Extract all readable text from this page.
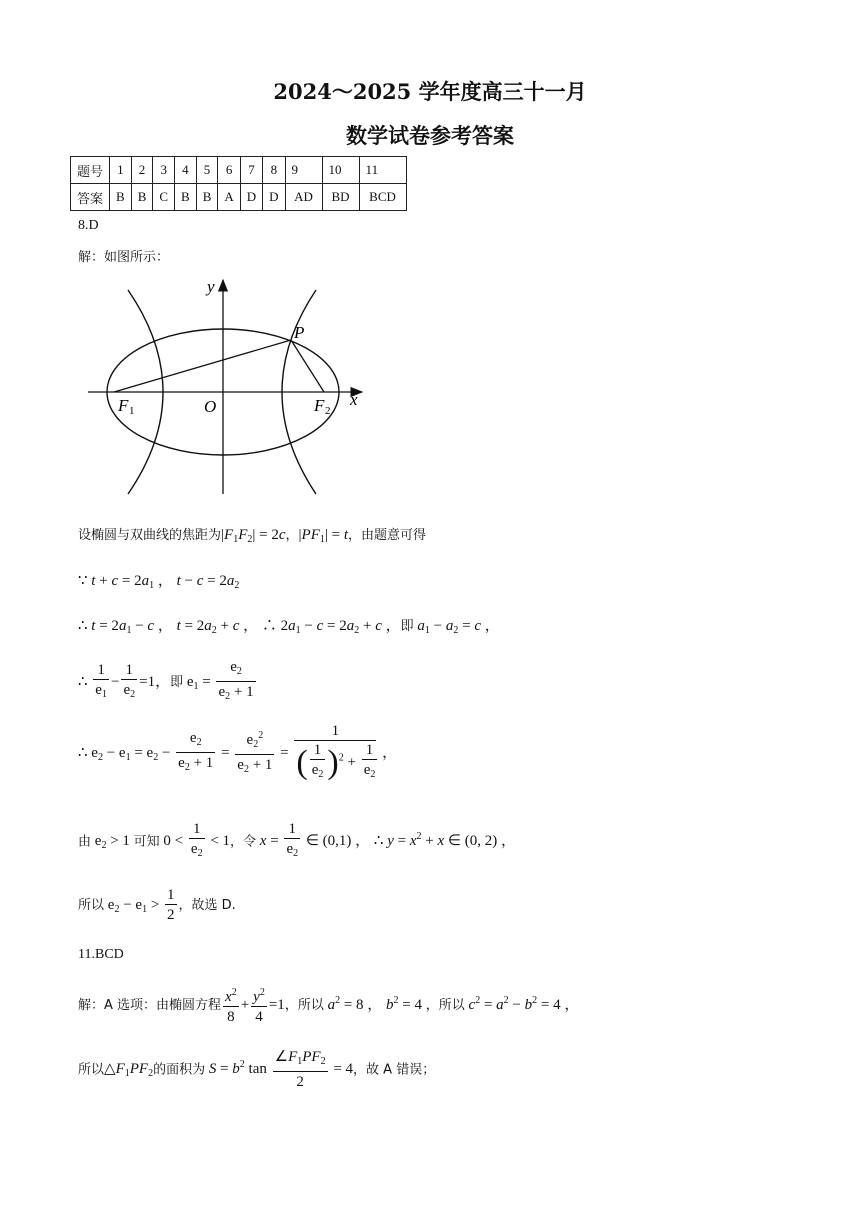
2024～2025 学年度高三十一月
数学试卷参考答案
题号	1	2	3	4	5	6	7	8	9	10	11
答案	B	B	C	B	B	A	D	D	AD	BD	BCD
8.D
解：如图所示：
y
x
P
F 1	O	F 2
设椭圆与双曲线的焦距为$|F_1F_2| = 2c$，$|PF_1| = t$，由题意可得
∵ $t + c = 2a_1$ ， $t - c = 2a_2$
∴ $t = 2a_1 - c$ ， $t = 2a_2 + c$ ， ∴ $2a_1 - c = 2a_2 + c$ ，即 $a_1 - a_2 = c$ ，
∴ $\frac{1}{e_1} - \frac{1}{e_2} =1$，即 $e_1 = \frac{e_2}{e_2 + 1}$
∴ $e_2 - e_1 = e_2 - \frac{e_2}{e_2 + 1} = \frac{e_2^2}{e_2 + 1} = \frac{1}{( \frac{1}{e_2} )^2 + \frac{1}{e_2}}$ ，
由 $e_2 > 1$ 可知 $0 < \frac{1}{e_2} < 1$，令 $x = \frac{1}{e_2}$ ∈ (0,1) ， ∴ $y = x^2 + x$ ∈ (0, 2) ，
所以 $e_2 - e_1 > \frac{1}{2}$ ，故选 D.
11.BCD
解：A 选项：由椭圆方程 $\frac{x^2}{8} + \frac{y^2}{4} =1$，所以 $a^2 = 8$ ， $b^2 = 4$ ，所以 $c^2 = a^2 - b^2 = 4$ ，
所以$\triangle F_1PF_2$的面积为 $S = b^2$ $\tan \frac{\angle F_1PF_2}{2} = 4$，故 A 错误；
